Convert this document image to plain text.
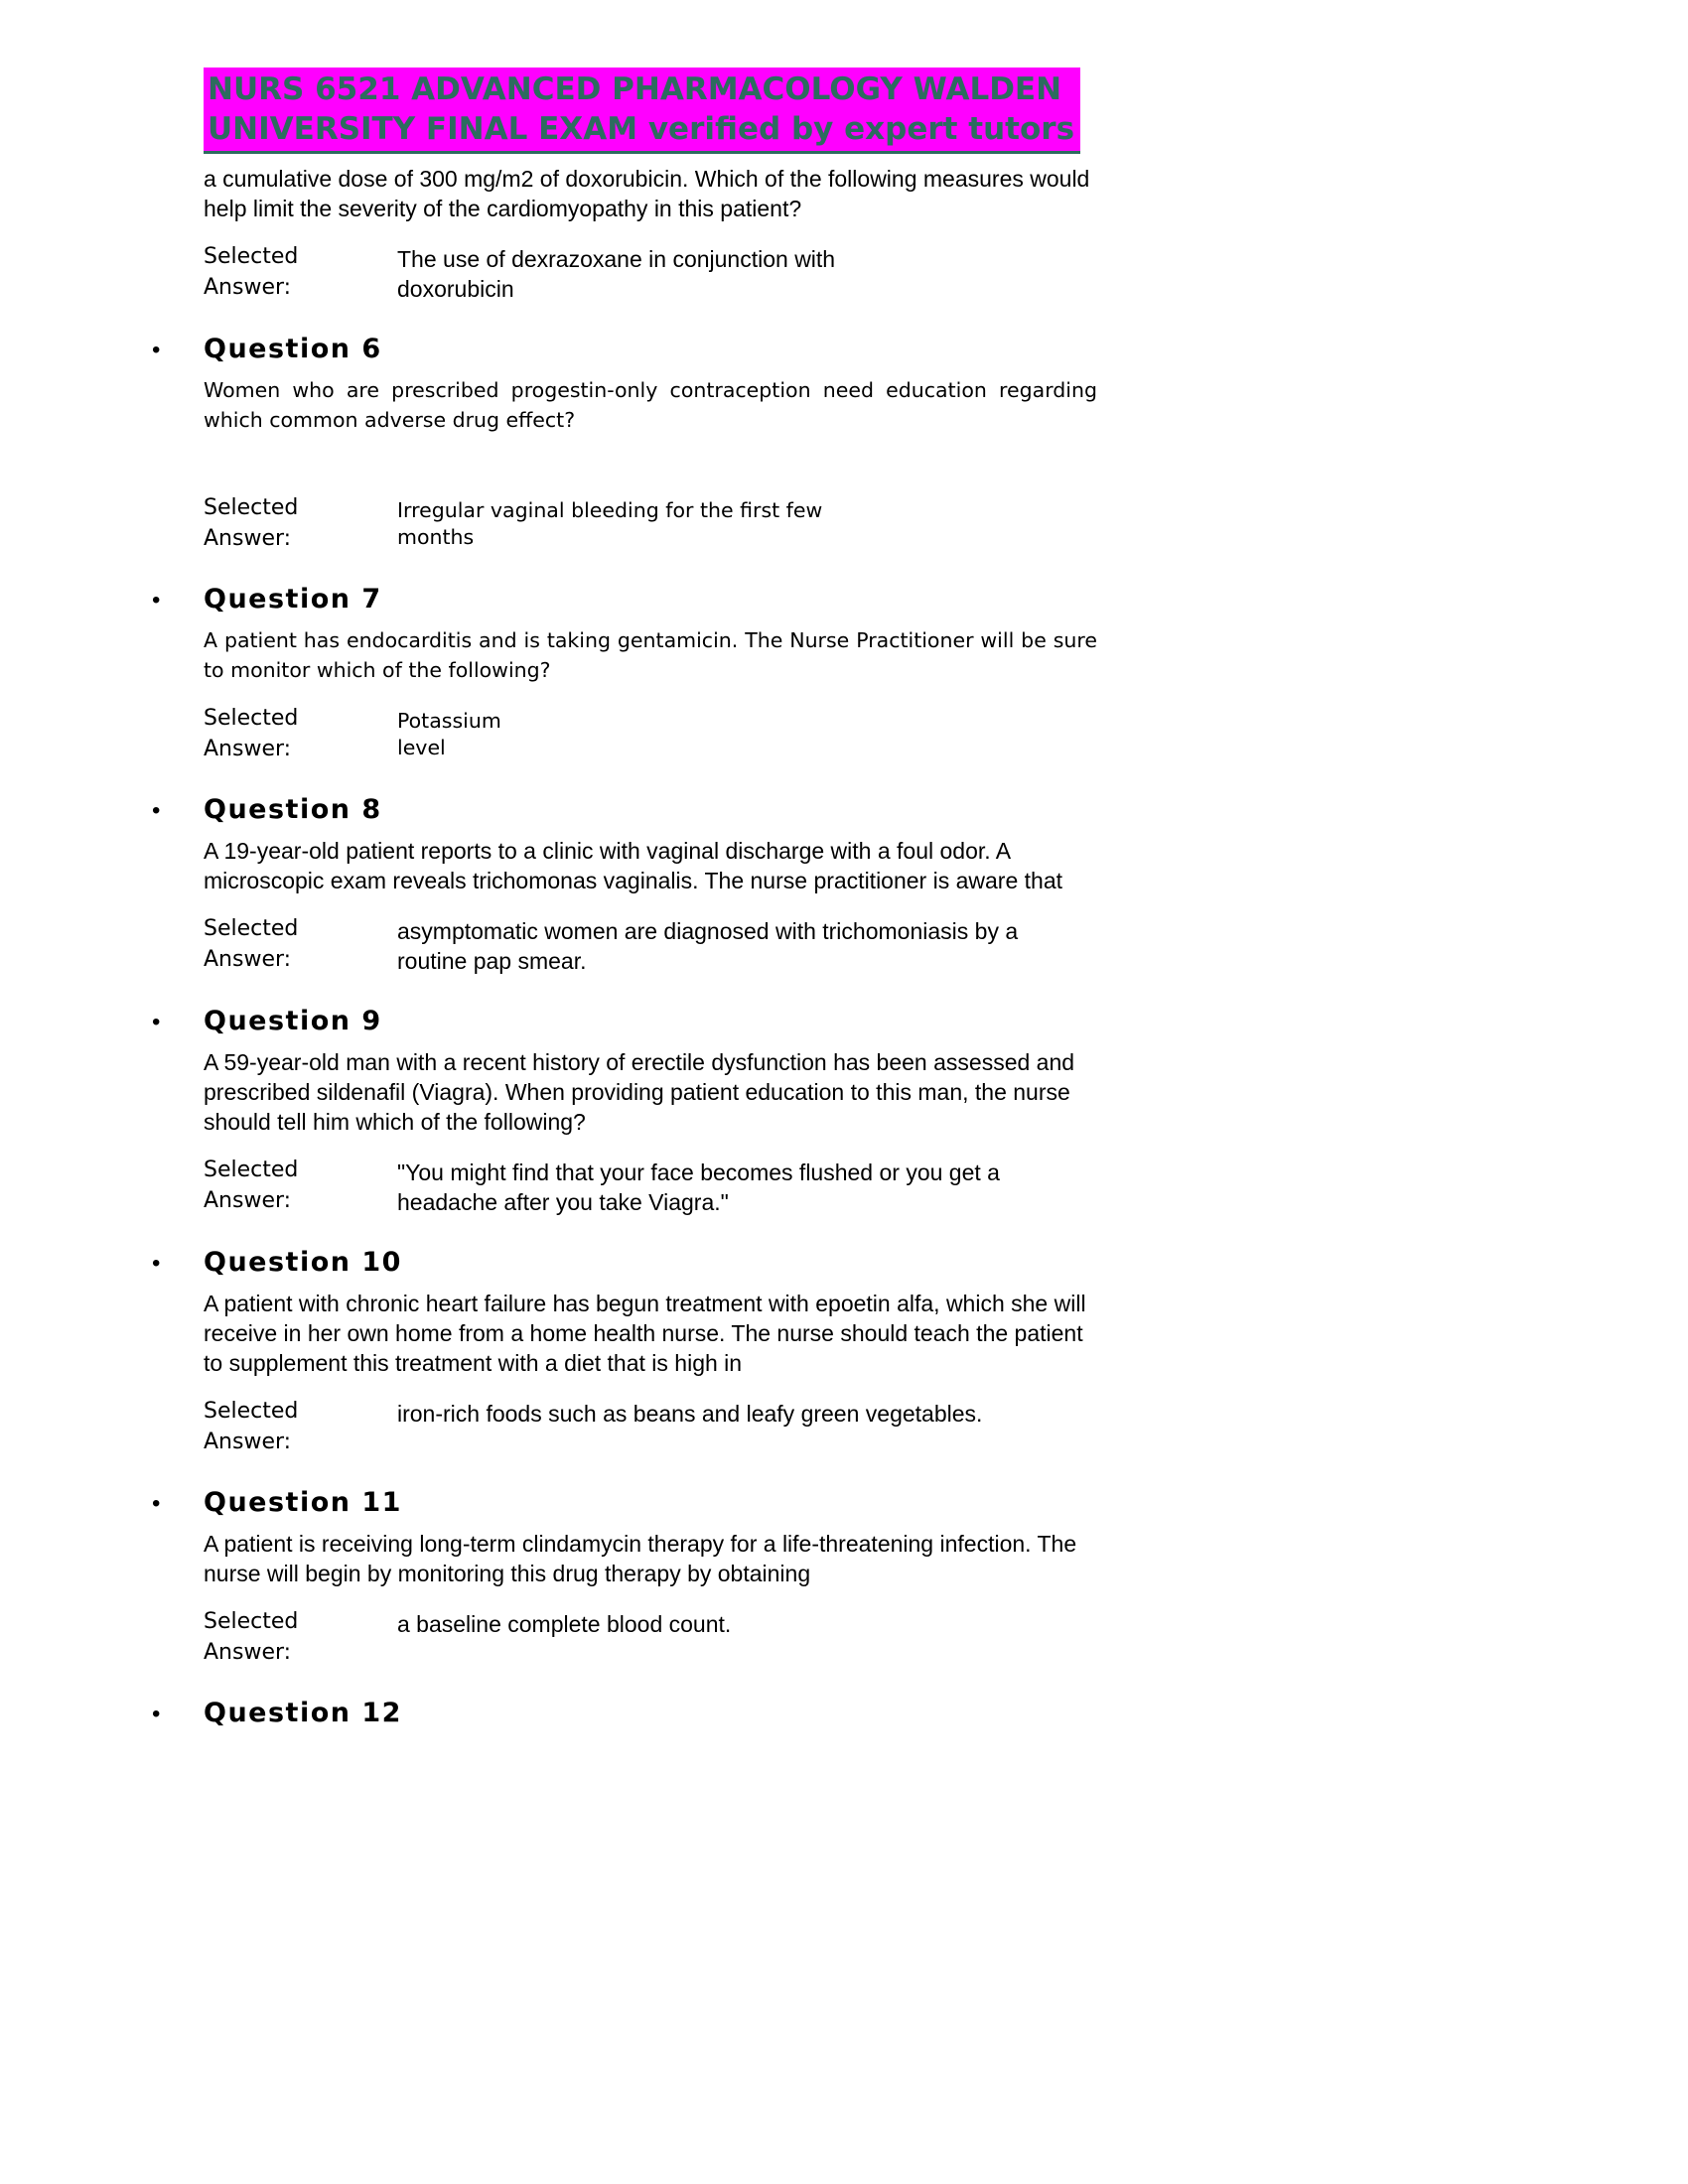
NURS 6521 ADVANCED PHARMACOLOGY WALDEN
UNIVERSITY FINAL EXAM verified by expert tutors

a cumulative dose of 300 mg/m2 of doxorubicin. Which of the following measures would help limit the severity of the cardiomyopathy in this patient?

Selected
Answer:
The use of dexrazoxane in conjunction with doxorubicin
•	Question 6

Women who are prescribed progestin-only contraception need education regarding which common adverse drug effect?

Selected
Answer:
Irregular vaginal bleeding for the first few months
•	Question 7

A patient has endocarditis and is taking gentamicin. The Nurse Practitioner will be sure to monitor which of the following?

Selected
Answer:
Potassium level
•	Question 8

A 19-year-old patient reports to a clinic with vaginal discharge with a foul odor. A microscopic exam reveals trichomonas vaginalis. The nurse practitioner is aware that

Selected
Answer:
asymptomatic women are diagnosed with trichomoniasis by a routine pap smear.
•	Question 9

A 59-year-old man with a recent history of erectile dysfunction has been assessed and prescribed sildenafil (Viagra). When providing patient education to this man, the nurse should tell him which of the following?

Selected
Answer:
"You might find that your face becomes flushed or you get a headache after you take Viagra."
•	Question 10

A patient with chronic heart failure has begun treatment with epoetin alfa, which she will receive in her own home from a home health nurse. The nurse should teach the patient to supplement this treatment with a diet that is high in

Selected
Answer:
iron-rich foods such as beans and leafy green vegetables.
•	Question 11

A patient is receiving long-term clindamycin therapy for a life-threatening infection. The nurse will begin by monitoring this drug therapy by obtaining

Selected
Answer:
a baseline complete blood count.
•	Question 12
